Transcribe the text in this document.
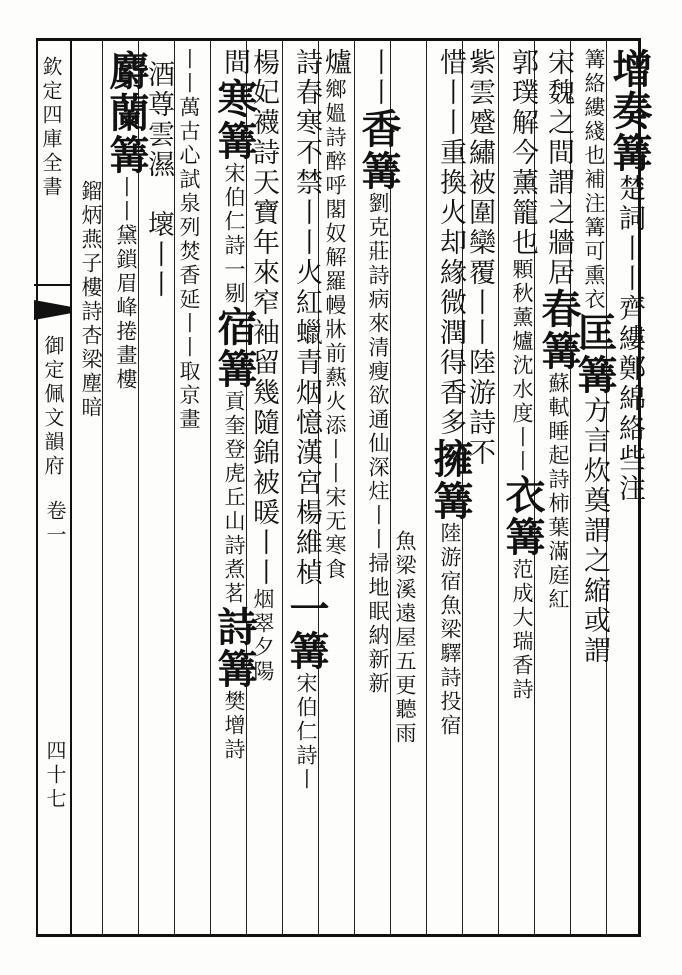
欽定四庫全書
御定佩文韻府
卷一
四十七
增奏篝楚詞丨丨齊縷鄭綿絡些注
篝絡縷綫也補注篝可熏衣匡篝方言炊奠謂之縮或謂
宋魏之間謂之牆居春篝蘇軾睡起詩柿葉滿庭紅
郭璞解今薰籠也顆秋薰爐沈水度丨丨衣篝范成大瑞香詩
紫雲蹙繡被圍欒覆丨丨陸游詩不
惜丨丨重換火却緣微潤得香多擁篝陸游宿魚梁驛詩投宿
魚梁溪遠屋五更聽雨
丨丨香篝劉克莊詩病來清瘦欲通仙深炷丨丨掃地眠納新新
爐鄉媼詩醉呼閣奴解羅幔牀前爇火添丨丨宋无寒食
詩春寒不禁丨丨火紅蠟青烟憶漢宮楊維楨一篝宋伯仁詩丨
楊妃襪詩天寶年來窄袖留幾隨錦被暖丨丨烟翠夕陽
間寒篝宋伯仁詩一剔宿篝貢奎登虎丘山詩煮茗詩篝樊增詩
丨丨萬古心試泉列焚香延丨丨取京畫
酒尊雲濕
壞丨丨
麝蘭篝丨丨黛鎖眉峰捲畫樓
鎦炳燕子樓詩杏梁塵暗
